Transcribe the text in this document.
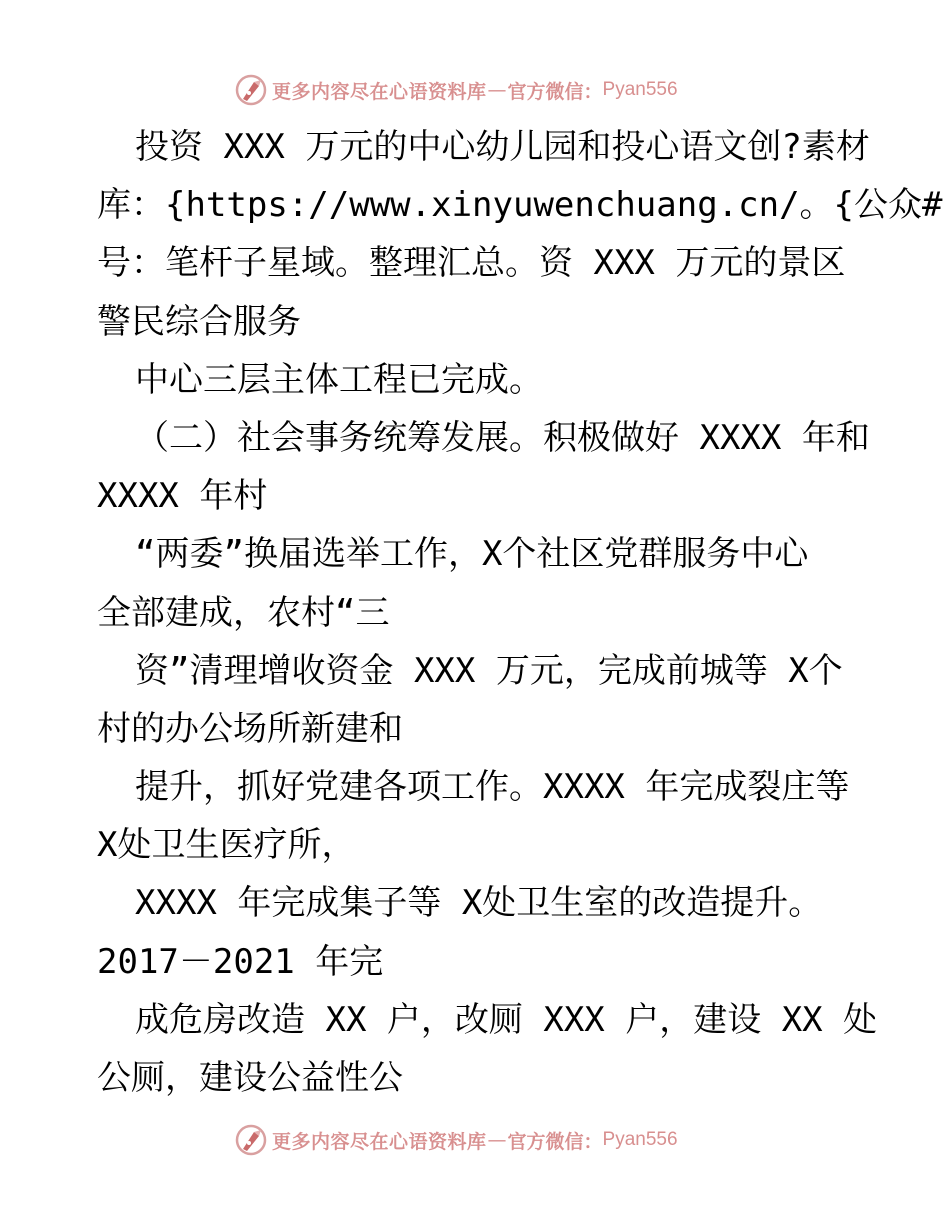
更多内容尽在心语资料库 — 官方微信： Pyan556
投资 XXX 万元的中心幼儿园和投心语文创?素材
库：{https://www.xinyuwenchuang.cn/。{公众#
号：笔杆子星域。整理汇总。资 XXX 万元的景区
警民综合服务
中心三层主体工程已完成。
（二）社会事务统筹发展。积极做好 XXXX 年和
XXXX 年村
“两委”换届选举工作，X个社区党群服务中心
全部建成，农村“三
资”清理增收资金 XXX 万元，完成前城等 X个
村的办公场所新建和
提升，抓好党建各项工作。XXXX 年完成裂庄等
X处卫生医疗所，
XXXX 年完成集子等 X处卫生室的改造提升。
2017－2021 年完
成危房改造 XX 户，改厕 XXX 户，建设 XX 处
公厕，建设公益性公
更多内容尽在心语资料库 — 官方微信： Pyan556
